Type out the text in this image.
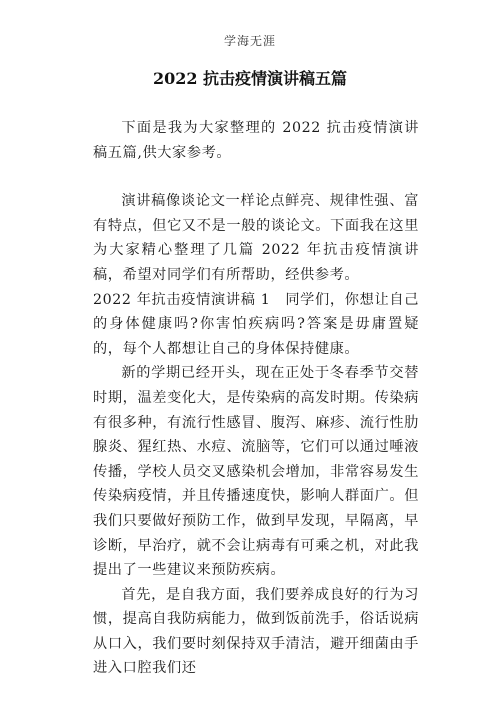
学海无涯
2022 抗击疫情演讲稿五篇

下面是我为大家整理的 2022 抗击疫情演讲稿五篇,供大家参考。

演讲稿像谈论文一样论点鲜亮、规律性强、富有特点，但它又不是一般的谈论文。下面我在这里为大家精心整理了几篇 2022 年抗击疫情演讲稿，希望对同学们有所帮助，经供参考。

2022 年抗击疫情演讲稿 1　同学们，你想让自己的身体健康吗?你害怕疾病吗?答案是毋庸置疑的，每个人都想让自己的身体保持健康。

新的学期已经开头，现在正处于冬春季节交替时期，温差变化大，是传染病的高发时期。传染病有很多种，有流行性感冒、腹泻、麻疹、流行性肋腺炎、猩红热、水痘、流脑等，它们可以通过唾液传播，学校人员交叉感染机会增加，非常容易发生传染病疫情，并且传播速度快，影响人群面广。但我们只要做好预防工作，做到早发现，早隔离，早诊断，早治疗，就不会让病毒有可乘之机，对此我提出了一些建议来预防疾病。

首先，是自我方面，我们要养成良好的行为习惯，提高自我防病能力，做到饭前洗手，俗话说病从口入，我们要时刻保持双手清洁，避开细菌由手进入口腔我们还
